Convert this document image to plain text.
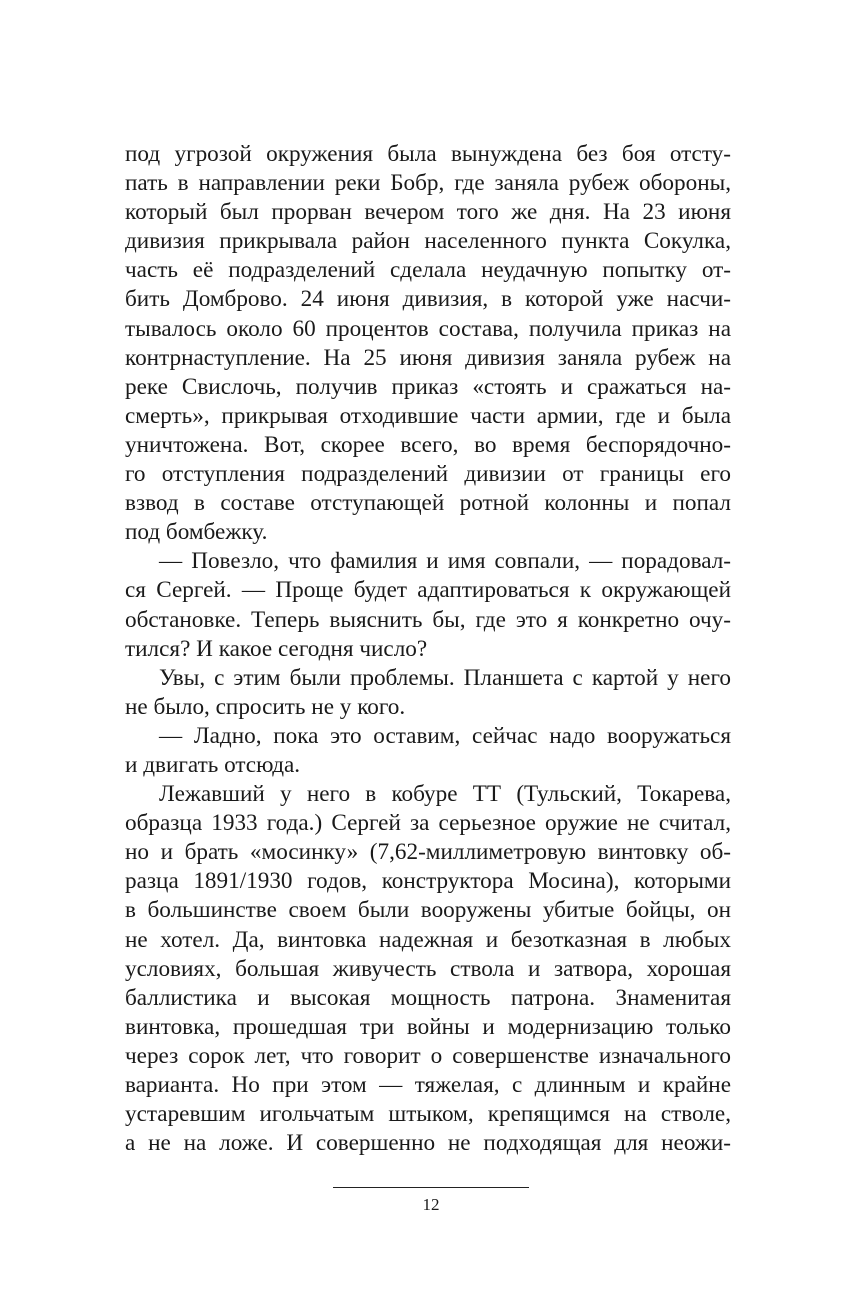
под угрозой окружения была вынуждена без боя отсту-
пать в направлении реки Бобр, где заняла рубеж обороны,
который был прорван вечером того же дня. На 23 июня
дивизия прикрывала район населенного пункта Сокулка,
часть её подразделений сделала неудачную попытку от-
бить Домброво. 24 июня дивизия, в которой уже насчи-
тывалось около 60 процентов состава, получила приказ на
контрнаступление. На 25 июня дивизия заняла рубеж на
реке Свислочь, получив приказ «стоять и сражаться на-
смерть», прикрывая отходившие части армии, где и была
уничтожена. Вот, скорее всего, во время беспорядочно-
го отступления подразделений дивизии от границы его
взвод в составе отступающей ротной колонны и попал
под бомбежку.
— Повезло, что фамилия и имя совпали, — порадовал-
ся Сергей. — Проще будет адаптироваться к окружающей
обстановке. Теперь выяснить бы, где это я конкретно очу-
тился? И какое сегодня число?
Увы, с этим были проблемы. Планшета с картой у него
не было, спросить не у кого.
— Ладно, пока это оставим, сейчас надо вооружаться
и двигать отсюда.
Лежавший у него в кобуре ТТ (Тульский, Токарева,
образца 1933 года.) Сергей за серьезное оружие не считал,
но и брать «мосинку» (7,62-миллиметровую винтовку об-
разца 1891/1930 годов, конструктора Мосина), которыми
в большинстве своем были вооружены убитые бойцы, он
не хотел. Да, винтовка надежная и безотказная в любых
условиях, большая живучесть ствола и затвора, хорошая
баллистика и высокая мощность патрона. Знаменитая
винтовка, прошедшая три войны и модернизацию только
через сорок лет, что говорит о совершенстве изначального
варианта. Но при этом — тяжелая, с длинным и крайне
устаревшим игольчатым штыком, крепящимся на стволе,
а не на ложе. И совершенно не подходящая для неожи-
12
